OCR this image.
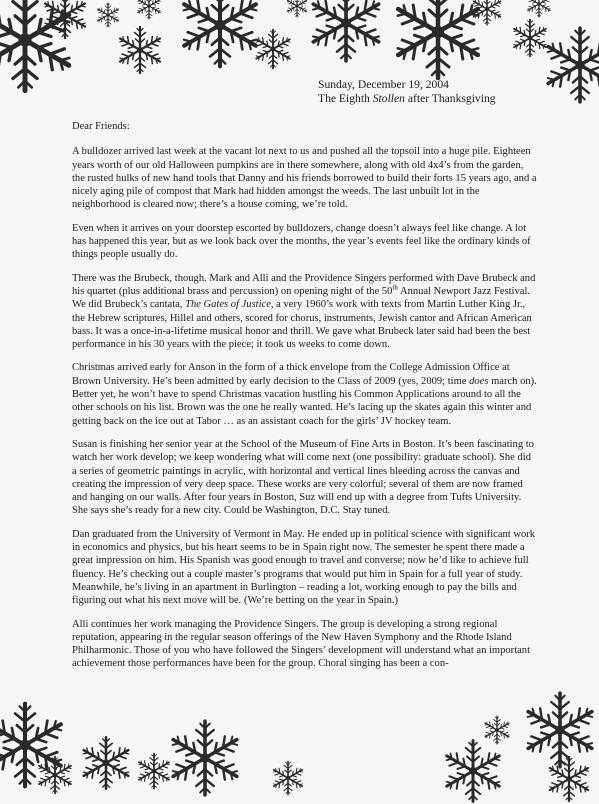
Sunday, December 19, 2004
The Eighth Stollen after Thanksgiving

Dear Friends:

A bulldozer arrived last week at the vacant lot next to us and pushed all the topsoil into a huge pile. Eighteen years worth of our old Halloween pumpkins are in there somewhere, along with old 4x4’s from the garden, the rusted hulks of new hand tools that Danny and his friends borrowed to build their forts 15 years ago, and a nicely aging pile of compost that Mark had hidden amongst the weeds. The last unbuilt lot in the neighborhood is cleared now; there’s a house coming, we’re told.

Even when it arrives on your doorstep escorted by bulldozers, change doesn’t always feel like change. A lot has happened this year, but as we look back over the months, the year’s events feel like the ordinary kinds of things people usually do.

There was the Brubeck, though. Mark and Alli and the Providence Singers performed with Dave Brubeck and his quartet (plus additional brass and percussion) on opening night of the 50th Annual Newport Jazz Festival. We did Brubeck’s cantata, The Gates of Justice, a very 1960’s work with texts from Martin Luther King Jr., the Hebrew scriptures, Hillel and others, scored for chorus, instruments, Jewish cantor and African American bass. It was a once-in-a-lifetime musical honor and thrill. We gave what Brubeck later said had been the best performance in his 30 years with the piece; it took us weeks to come down.

Christmas arrived early for Anson in the form of a thick envelope from the College Admission Office at Brown University. He’s been admitted by early decision to the Class of 2009 (yes, 2009; time does march on). Better yet, he won’t have to spend Christmas vacation hustling his Common Applications around to all the other schools on his list. Brown was the one he really wanted. He’s lacing up the skates again this winter and getting back on the ice out at Tabor … as an assistant coach for the girls’ JV hockey team.

Susan is finishing her senior year at the School of the Museum of Fine Arts in Boston. It’s been fascinating to watch her work develop; we keep wondering what will come next (one possibility: graduate school). She did a series of geometric paintings in acrylic, with horizontal and vertical lines bleeding across the canvas and creating the impression of very deep space. These works are very colorful; several of them are now framed and hanging on our walls. After four years in Boston, Suz will end up with a degree from Tufts University. She says she’s ready for a new city. Could be Washington, D.C. Stay tuned.

Dan graduated from the University of Vermont in May. He ended up in political science with significant work in economics and physics, but his heart seems to be in Spain right now. The semester he spent there made a great impression on him. His Spanish was good enough to travel and converse; now he’d like to achieve full fluency. He’s checking out a couple master’s programs that would put him in Spain for a full year of study. Meanwhile, he’s living in an apartment in Burlington – reading a lot, working enough to pay the bills and figuring out what his next move will be. (We’re betting on the year in Spain.)

Alli continues her work managing the Providence Singers. The group is developing a strong regional reputation, appearing in the regular season offerings of the New Haven Symphony and the Rhode Island Philharmonic. Those of you who have followed the Singers’ development will understand what an important achievement those performances have been for the group. Choral singing has been a con-
